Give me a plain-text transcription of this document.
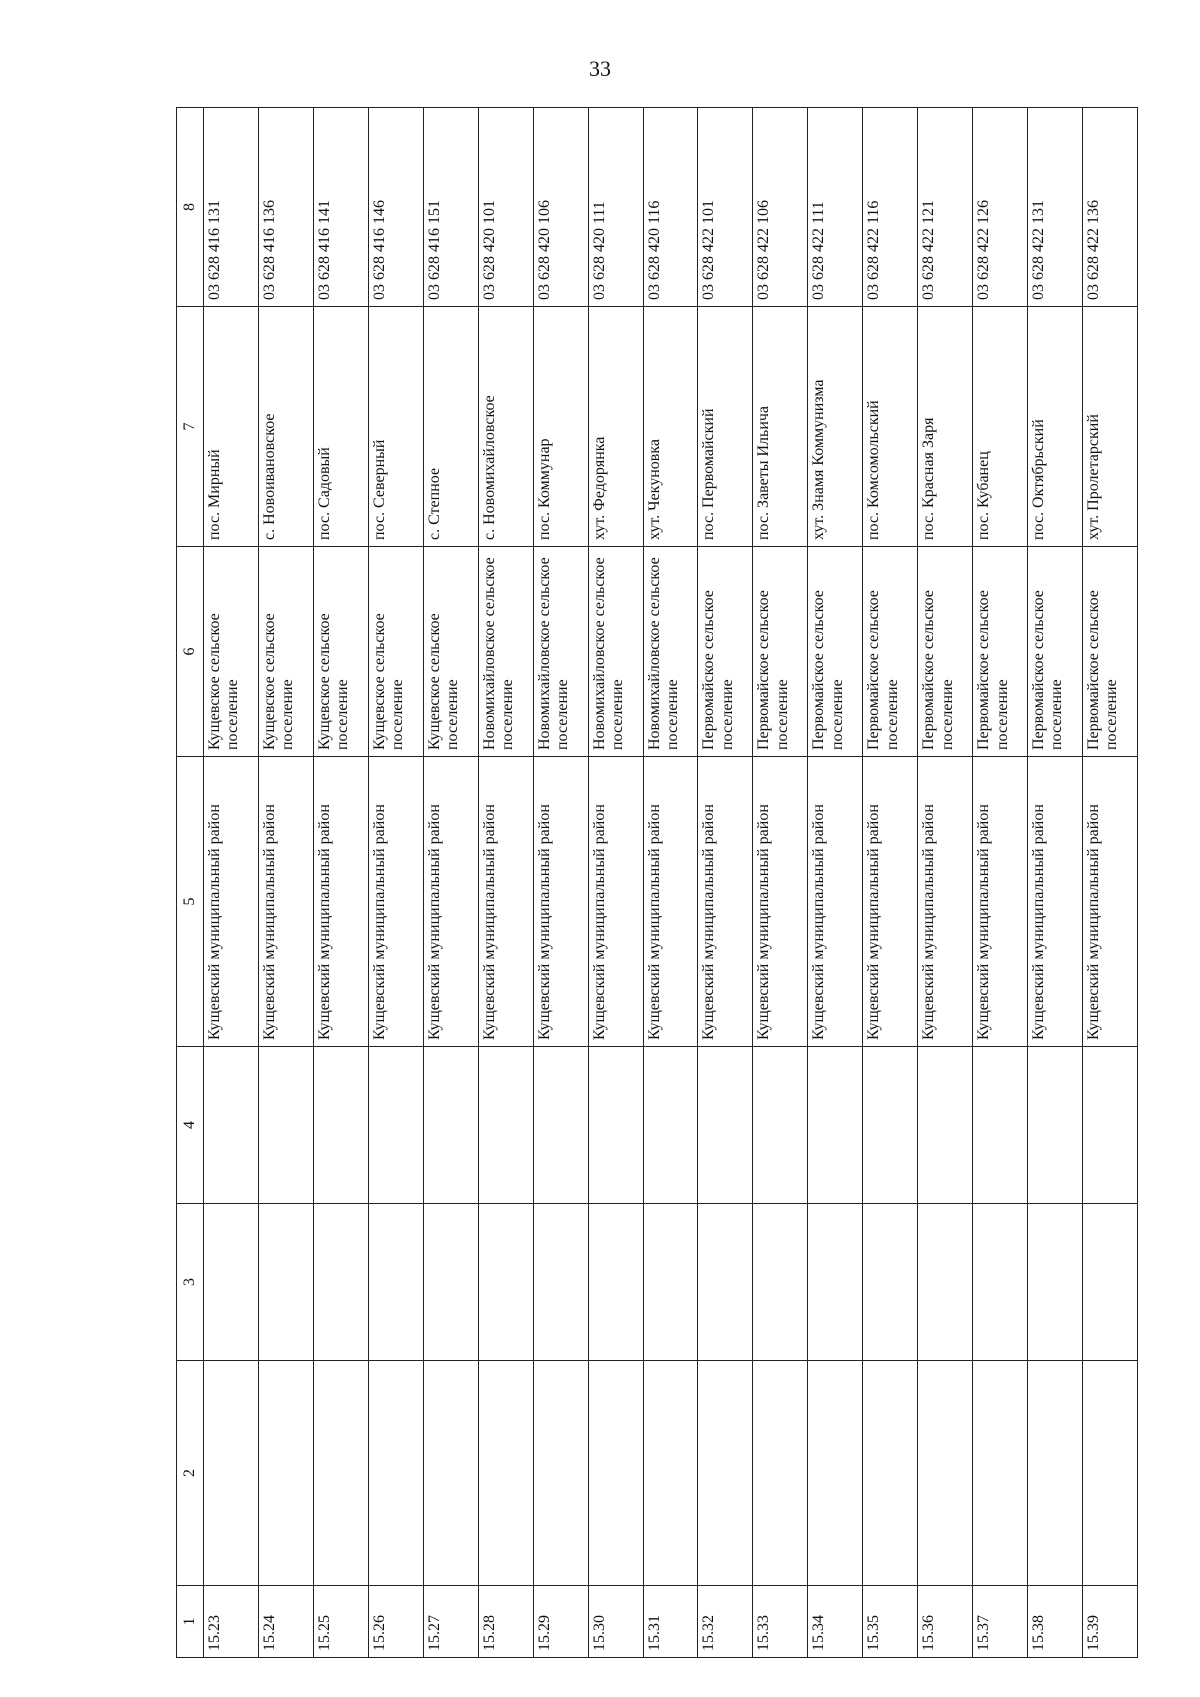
33
1	2	3	4	5	6	7	8
15.23				Кущевский муниципальный район	Кущевское сельское поселение	пос. Мирный	03 628 416 131
15.24				Кущевский муниципальный район	Кущевское сельское поселение	с. Новоивановское	03 628 416 136
15.25				Кущевский муниципальный район	Кущевское сельское поселение	пос. Садовый	03 628 416 141
15.26				Кущевский муниципальный район	Кущевское сельское поселение	пос. Северный	03 628 416 146
15.27				Кущевский муниципальный район	Кущевское сельское поселение	с. Степное	03 628 416 151
15.28				Кущевский муниципальный район	Новомихайловское сельское поселение	с. Новомихайловское	03 628 420 101
15.29				Кущевский муниципальный район	Новомихайловское сельское поселение	пос. Коммунар	03 628 420 106
15.30				Кущевский муниципальный район	Новомихайловское сельское поселение	хут. Федорянка	03 628 420 111
15.31				Кущевский муниципальный район	Новомихайловское сельское поселение	хут. Чекуновка	03 628 420 116
15.32				Кущевский муниципальный район	Первомайское сельское поселение	пос. Первомайский	03 628 422 101
15.33				Кущевский муниципальный район	Первомайское сельское поселение	пос. Заветы Ильича	03 628 422 106
15.34				Кущевский муниципальный район	Первомайское сельское поселение	хут. Знамя Коммунизма	03 628 422 111
15.35				Кущевский муниципальный район	Первомайское сельское поселение	пос. Комсомольский	03 628 422 116
15.36				Кущевский муниципальный район	Первомайское сельское поселение	пос. Красная Заря	03 628 422 121
15.37				Кущевский муниципальный район	Первомайское сельское поселение	пос. Кубанец	03 628 422 126
15.38				Кущевский муниципальный район	Первомайское сельское поселение	пос. Октябрьский	03 628 422 131
15.39				Кущевский муниципальный район	Первомайское сельское поселение	хут. Пролетарский	03 628 422 136
